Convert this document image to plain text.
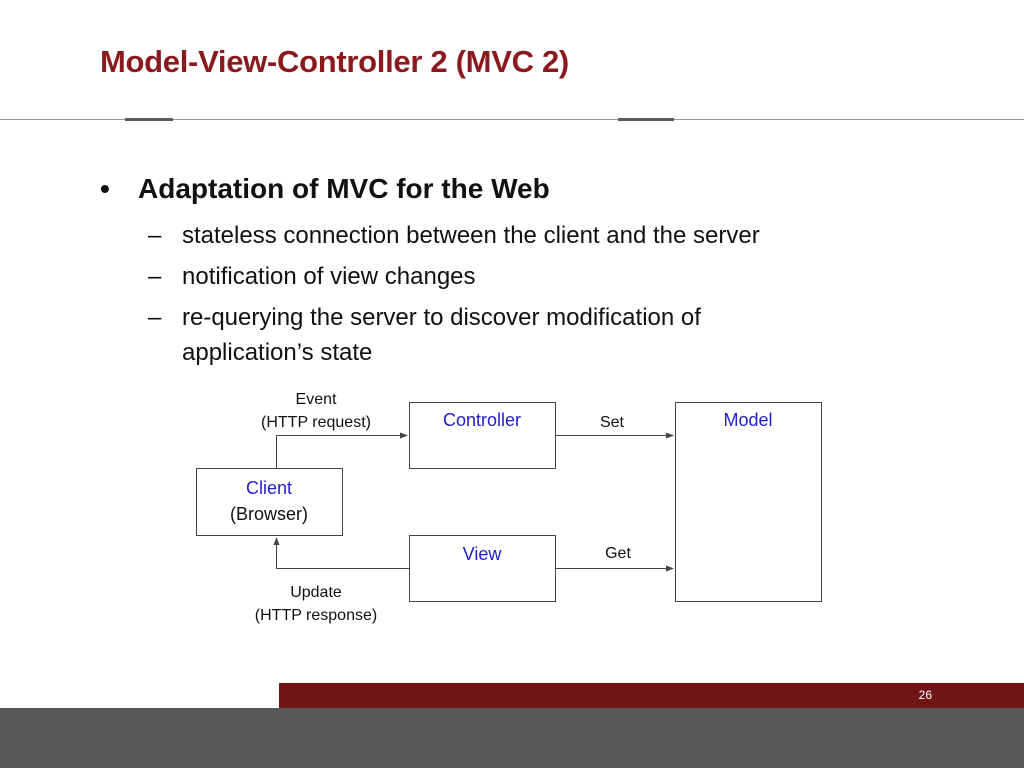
Model-View-Controller 2 (MVC 2)
• Adaptation of MVC for the Web
– stateless connection between the client and the server
– notification of view changes
– re-querying the server to discover modification of application’s state
Controller
View
Model
Client
(Browser)
Event
(HTTP request)	Set
Get
Update
(HTTP response)
26
